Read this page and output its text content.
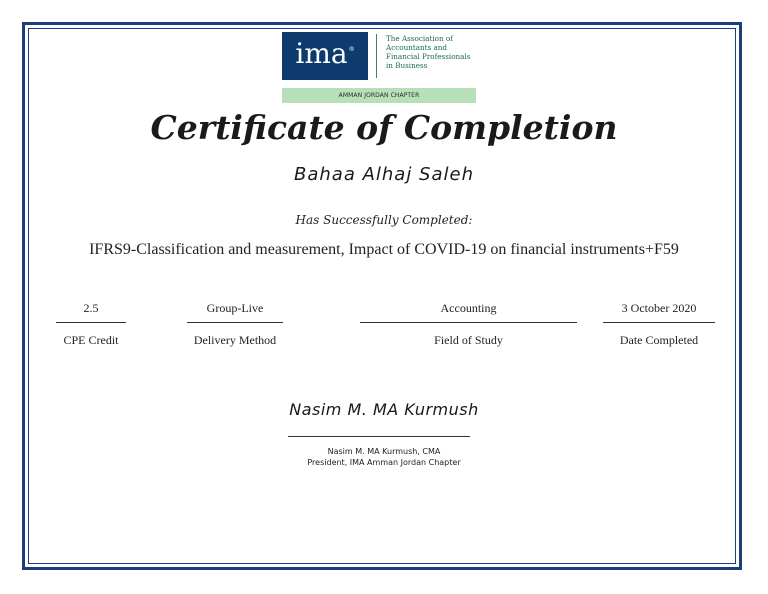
ima ®
The Association of
Accountants and
Financial Professionals
in Business
AMMAN JORDAN CHAPTER
Certificate of Completion
Bahaa Alhaj Saleh
Has Successfully Completed:
IFRS9-Classification and measurement, Impact of COVID-19 on financial instruments+F59
2.5
CPE Credit
Group-Live
Delivery Method
Accounting
Field of Study
3 October 2020
Date Completed
Nasim M. MA Kurmush
Nasim M. MA Kurmush, CMA
President, IMA Amman Jordan Chapter
